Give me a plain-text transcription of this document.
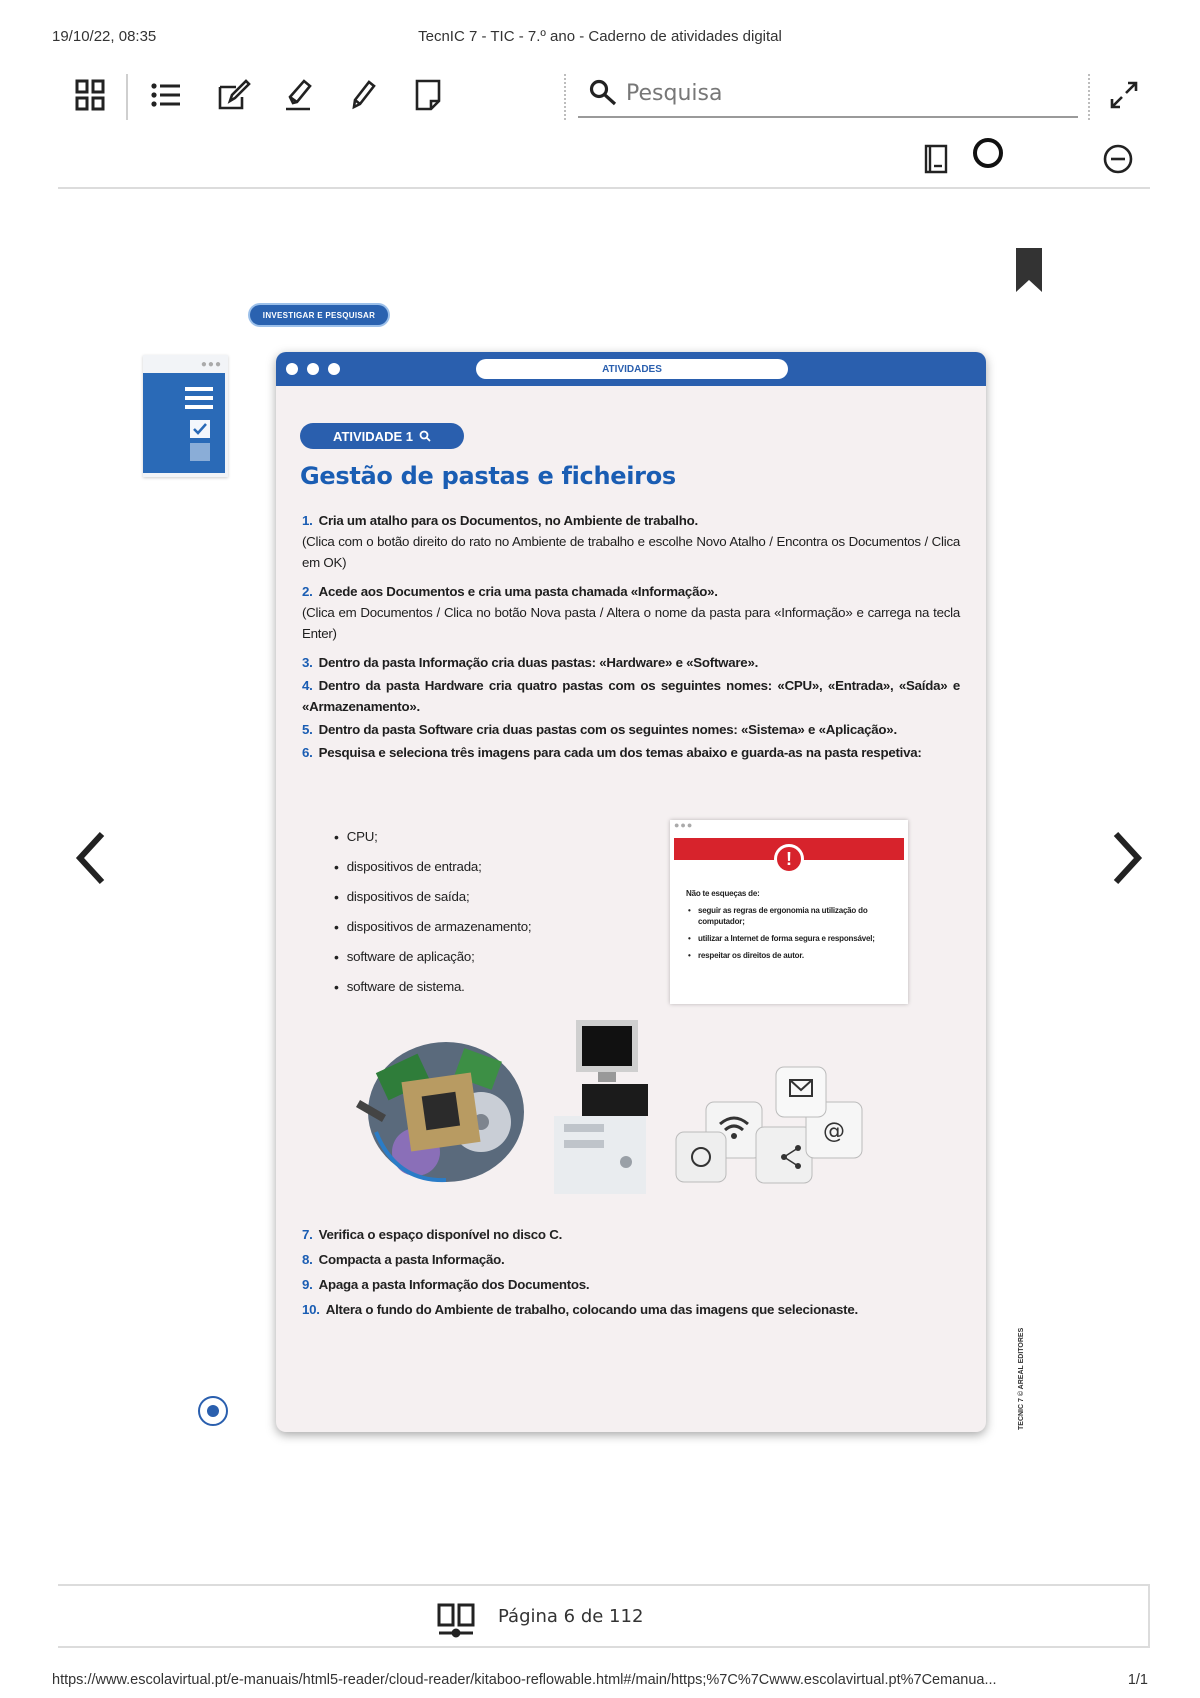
19/10/22, 08:35	TecnIC 7 - TIC - 7.º ano - Caderno de atividades digital
Pesquisa
INVESTIGAR E PESQUISAR
●●●	ATIVIDADES
ATIVIDADE 1
Gestão de pastas e ficheiros
1. Cria um atalho para os Documentos, no Ambiente de trabalho.
(Clica com o botão direito do rato no Ambiente de trabalho e escolhe Novo Atalho / Encontra os Documentos / Clica em OK)
2. Acede aos Documentos e cria uma pasta chamada «Informação».
(Clica em Documentos / Clica no botão Nova pasta / Altera o nome da pasta para «Informação» e carrega na tecla Enter)
3. Dentro da pasta Informação cria duas pastas: «Hardware» e «Software».
4. Dentro da pasta Hardware cria quatro pastas com os seguintes nomes: «CPU», «Entrada», «Saída» e «Armazenamento».
5. Dentro da pasta Software cria duas pastas com os seguintes nomes: «Sistema» e «Aplicação».
6. Pesquisa e seleciona três imagens para cada um dos temas abaixo e guarda-as na pasta respetiva:
• CPU;
• dispositivos de entrada;
• dispositivos de saída;
• dispositivos de armazenamento;
• software de aplicação;
• software de sistema.
●●●
!
Não te esqueças de:
• seguir as regras de ergonomia na utilização do computador;
• utilizar a Internet de forma segura e responsável;
• respeitar os direitos de autor.
@
7. Verifica o espaço disponível no disco C.
8. Compacta a pasta Informação.
9. Apaga a pasta Informação dos Documentos.
10. Altera o fundo do Ambiente de trabalho, colocando uma das imagens que selecionaste.
TECNIC 7 © AREAL EDITORES
Página 6 de 112
https://www.escolavirtual.pt/e-manuais/html5-reader/cloud-reader/kitaboo-reflowable.html#/main/https;%7C%7Cwww.escolavirtual.pt%7Cemanua...	1/1
